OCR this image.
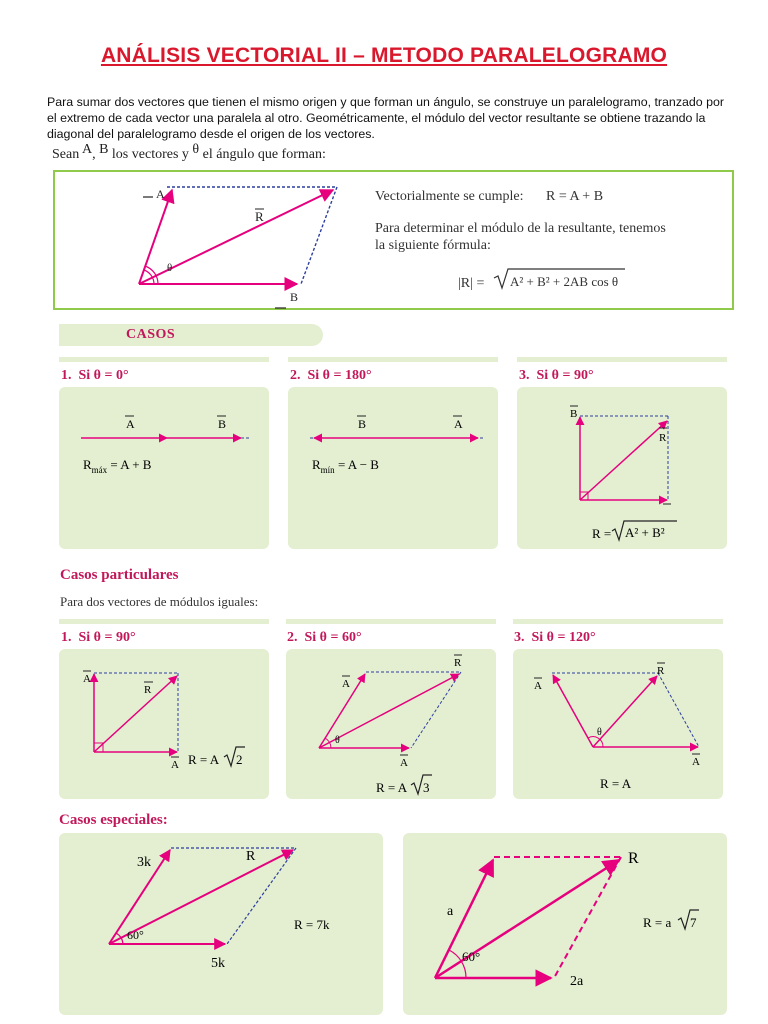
ANÁLISIS VECTORIAL II – METODO PARALELOGRAMO
Para sumar dos vectores que tienen el mismo origen y que forman un ángulo, se construye un paralelogramo, tranzado por el extremo de cada vector una paralela al otro. Geométricamente, el módulo del vector resultante se obtiene trazando la diagonal del paralelogramo desde el origen de los vectores.
Sean A, B los vectores y θ el ángulo que forman:
A
B
R
θ
Vectorialmente se cumple: R = A + B
Para determinar el módulo de la resultante, tenemos
la siguiente fórmula:
|R| = A² + B² + 2AB cos θ
CASOS
1. Si θ = 0°	2. Si θ = 180°	3. Si θ = 90°
A	B
$R_{máx} = A + B$
B	A
$R_{mín} = A - B$
B
R
R = A² + B²
Casos particulares
Para dos vectores de módulos iguales:
1. Si θ = 90°	2. Si θ = 60°	3. Si θ = 120°
A
R
A R = A 2
θ
A
R
A
R = A 3
θ
A
R
A
R = A
Casos especiales:
3k
60°
R
5k
R = 7k
a
60°
R
2a
R = a 7
